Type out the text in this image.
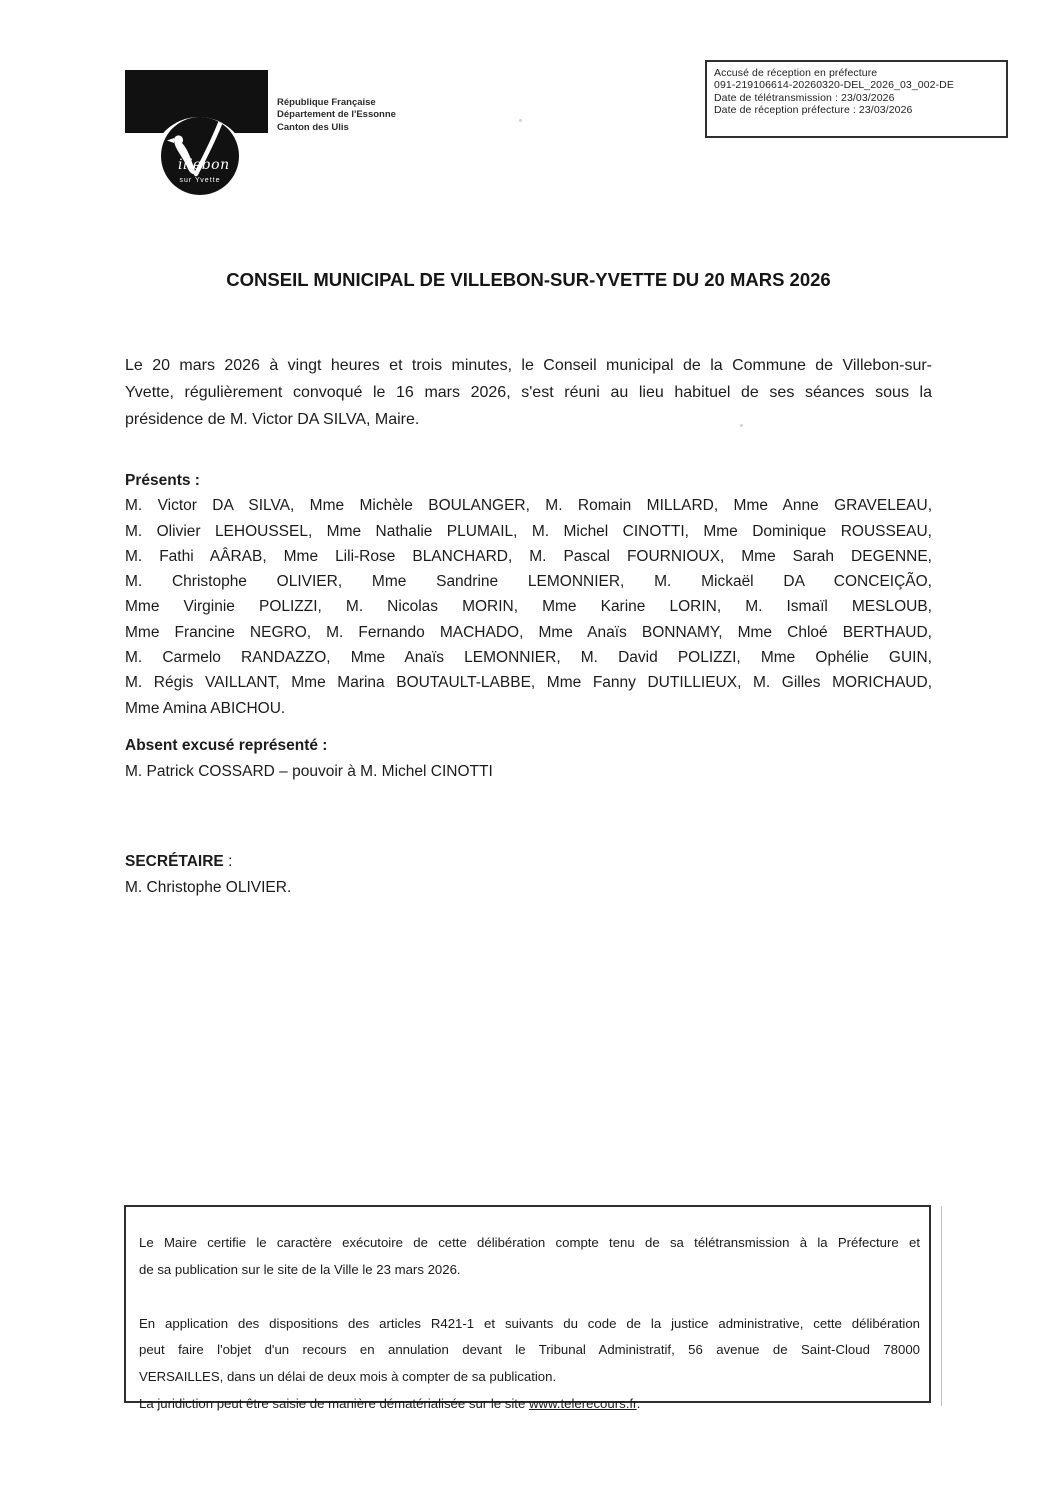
illebon
sur Yvette
République Française
Département de l'Essonne
Canton des Ulis
Accusé de réception en préfecture
091-219106614-20260320-DEL_2026_03_002-DE
Date de télétransmission : 23/03/2026
Date de réception préfecture : 23/03/2026
CONSEIL MUNICIPAL DE VILLEBON-SUR-YVETTE DU 20 MARS 2026
Le 20 mars 2026 à vingt heures et trois minutes, le Conseil municipal de la Commune de Villebon-sur-
Yvette, régulièrement convoqué le 16 mars 2026, s'est réuni au lieu habituel de ses séances sous la
présidence de M. Victor DA SILVA, Maire.
Présents :
M. Victor DA SILVA, Mme Michèle BOULANGER, M. Romain MILLARD, Mme Anne GRAVELEAU,
M. Olivier LEHOUSSEL, Mme Nathalie PLUMAIL, M. Michel CINOTTI, Mme Dominique ROUSSEAU,
M. Fathi AÂRAB, Mme Lili-Rose BLANCHARD, M. Pascal FOURNIOUX, Mme Sarah DEGENNE,
M. Christophe OLIVIER, Mme Sandrine LEMONNIER, M. Mickaël DA CONCEIÇÃO,
Mme Virginie POLIZZI, M. Nicolas MORIN, Mme Karine LORIN, M. Ismaïl MESLOUB,
Mme Francine NEGRO, M. Fernando MACHADO, Mme Anaïs BONNAMY, Mme Chloé BERTHAUD,
M. Carmelo RANDAZZO, Mme Anaïs LEMONNIER, M. David POLIZZI, Mme Ophélie GUIN,
M. Régis VAILLANT, Mme Marina BOUTAULT-LABBE, Mme Fanny DUTILLIEUX, M. Gilles MORICHAUD,
Mme Amina ABICHOU.
Absent excusé représenté :
M. Patrick COSSARD – pouvoir à M. Michel CINOTTI
SECRÉTAIRE :
M. Christophe OLIVIER.

Le Maire certifie le caractère exécutoire de cette délibération compte tenu de sa télétransmission à la Préfecture et
de sa publication sur le site de la Ville le 23 mars 2026.

En application des dispositions des articles R421-1 et suivants du code de la justice administrative, cette délibération
peut faire l'objet d'un recours en annulation devant le Tribunal Administratif, 56 avenue de Saint-Cloud 78000
VERSAILLES, dans un délai de deux mois à compter de sa publication.

La juridiction peut être saisie de manière dématérialisée sur le site www.telerecours.fr.
